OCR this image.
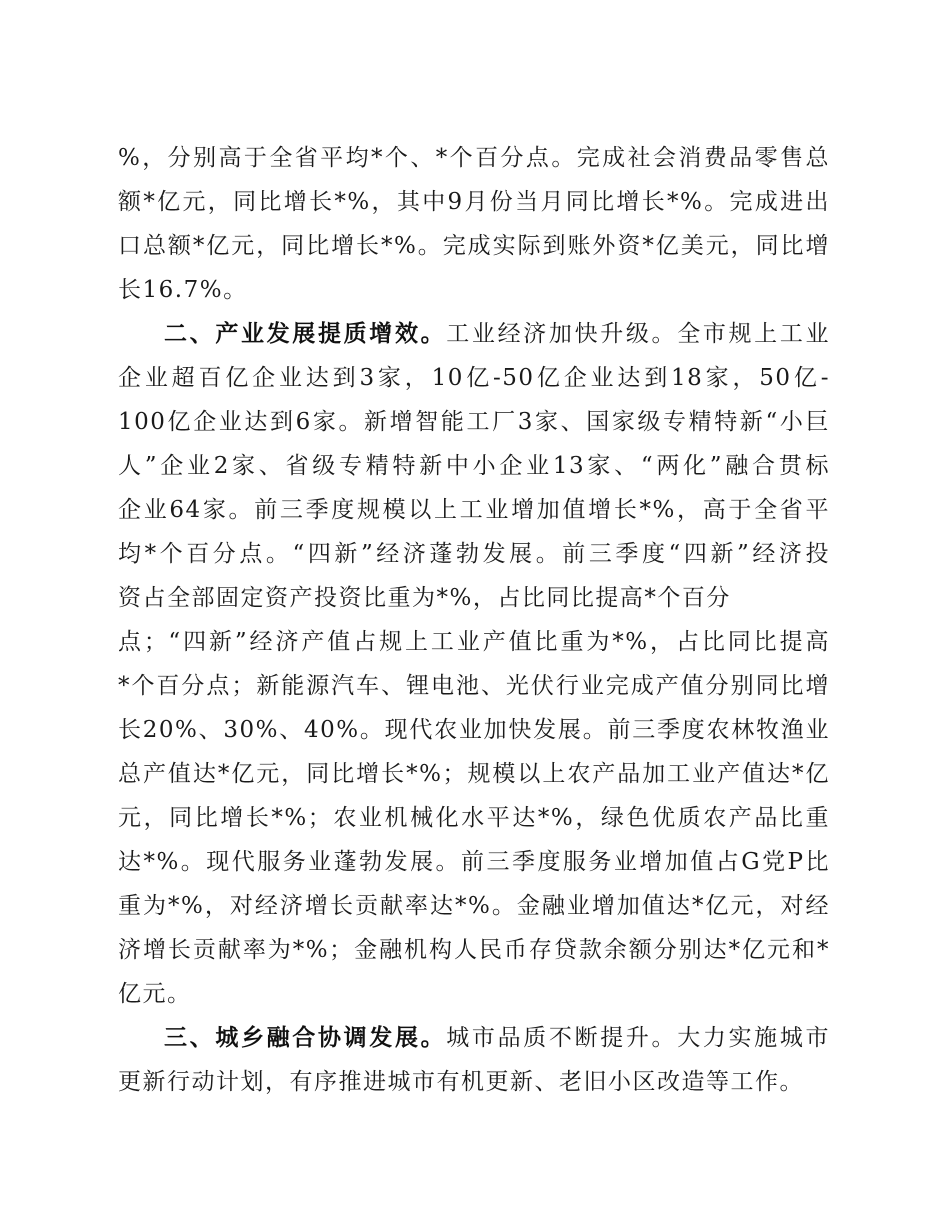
%，分别高于全省平均*个、*个百分点。完成社会消费品零售总
额*亿元，同比增长*%，其中9月份当月同比增长*%。完成进出
口总额*亿元，同比增长*%。完成实际到账外资*亿美元，同比增
长16.7%。
二、产业发展提质增效。工业经济加快升级。全市规上工业
企业超百亿企业达到3家，10亿-50亿企业达到18家，50亿-
100亿企业达到6家。新增智能工厂3家、国家级专精特新“小巨
人”企业2家、省级专精特新中小企业13家、“两化”融合贯标
企业64家。前三季度规模以上工业增加值增长*%，高于全省平
均*个百分点。“四新”经济蓬勃发展。前三季度“四新”经济投
资占全部固定资产投资比重为*%，占比同比提高*个百分
点；“四新”经济产值占规上工业产值比重为*%，占比同比提高
*个百分点；新能源汽车、锂电池、光伏行业完成产值分别同比增
长20%、30%、40%。现代农业加快发展。前三季度农林牧渔业
总产值达*亿元，同比增长*%；规模以上农产品加工业产值达*亿
元，同比增长*%；农业机械化水平达*%，绿色优质农产品比重
达*%。现代服务业蓬勃发展。前三季度服务业增加值占G党P比
重为*%，对经济增长贡献率达*%。金融业增加值达*亿元，对经
济增长贡献率为*%；金融机构人民币存贷款余额分别达*亿元和*
亿元。
三、城乡融合协调发展。城市品质不断提升。大力实施城市
更新行动计划，有序推进城市有机更新、老旧小区改造等工作。
